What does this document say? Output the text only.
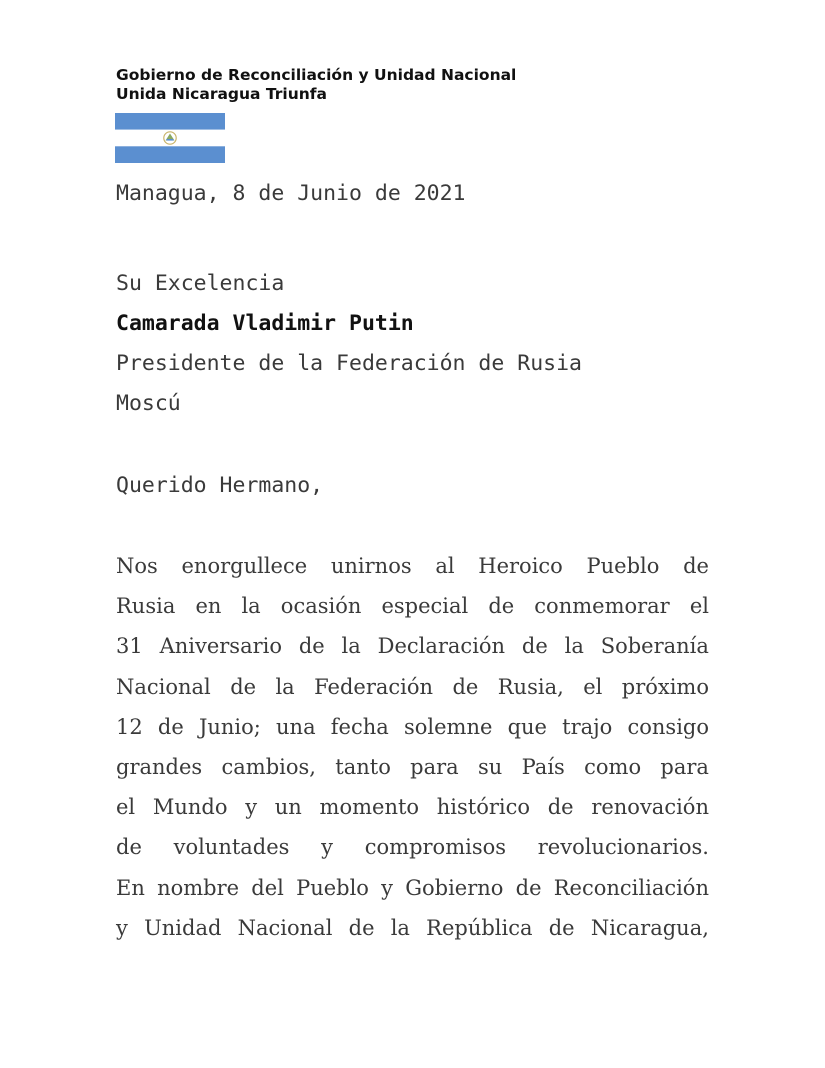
Gobierno de Reconciliación y Unidad Nacional
Unida Nicaragua Triunfa
Managua, 8 de Junio de 2021
Su Excelencia
Camarada Vladimir Putin
Presidente de la Federación de Rusia
Moscú
Querido Hermano,
Nos enorgullece unirnos al Heroico Pueblo de
Rusia en la ocasión especial de conmemorar el
31 Aniversario de la Declaración de la Soberanía
Nacional de la Federación de Rusia, el próximo
12 de Junio; una fecha solemne que trajo consigo
grandes cambios, tanto para su País como para
el Mundo y un momento histórico de renovación
de voluntades y compromisos revolucionarios.
En nombre del Pueblo y Gobierno de Reconciliación
y Unidad Nacional de la República de Nicaragua,
